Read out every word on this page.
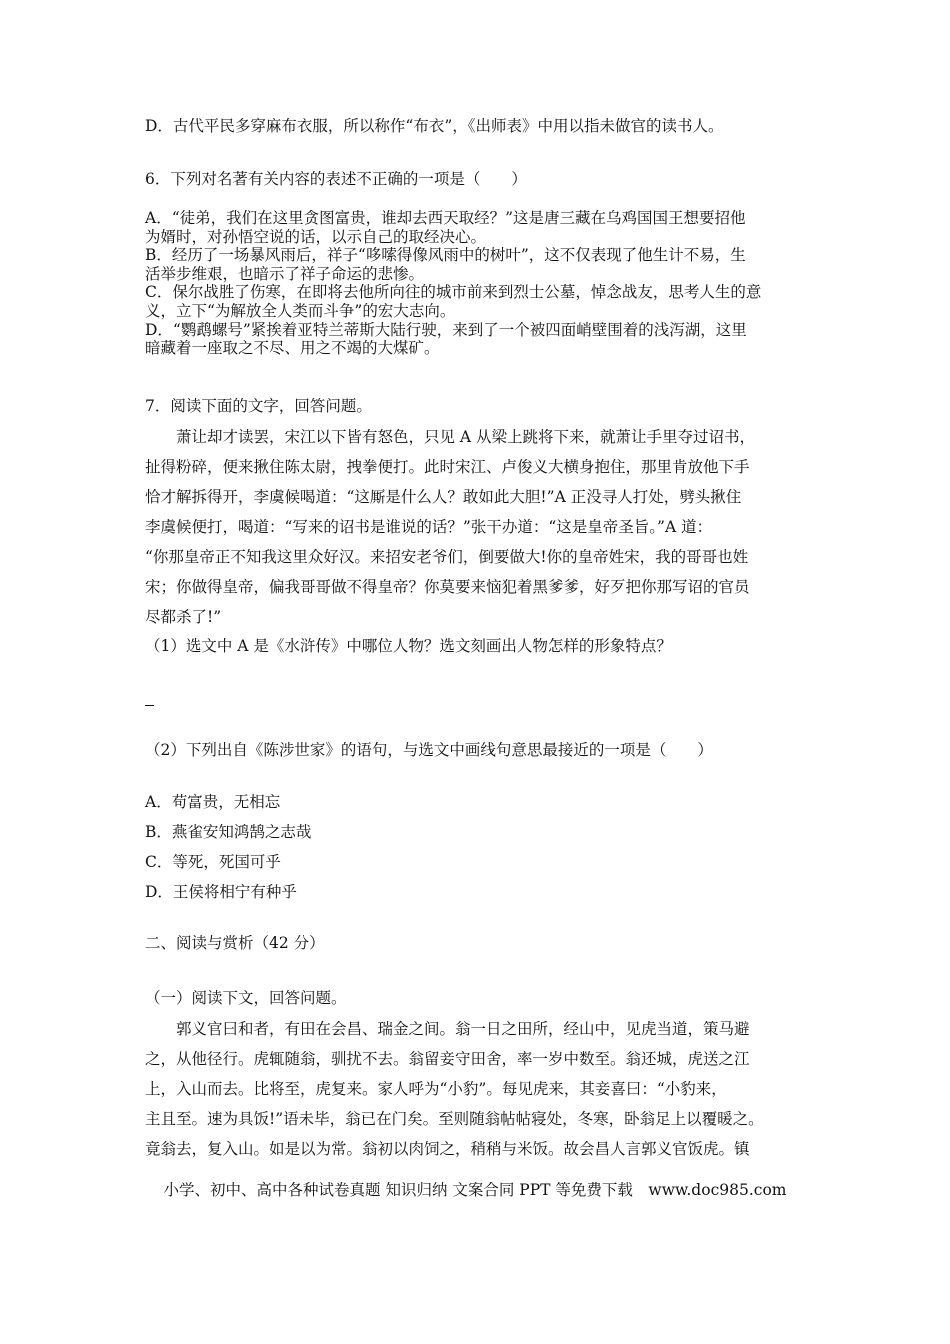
D．古代平民多穿麻布衣服，所以称作“布衣”，《出师表》中用以指未做官的读书人。
6．下列对名著有关内容的表述不正确的一项是（　　）
A．“徒弟，我们在这里贪图富贵，谁却去西天取经？”这是唐三藏在乌鸡国国王想要招他
为婿时，对孙悟空说的话，以示自己的取经决心。
B．经历了一场暴风雨后，祥子“哆嗦得像风雨中的树叶”，这不仅表现了他生计不易，生
活举步维艰，也暗示了祥子命运的悲惨。
C．保尔战胜了伤寒，在即将去他所向往的城市前来到烈士公墓，悼念战友，思考人生的意
义，立下“为解放全人类而斗争”的宏大志向。
D．“鹦鹉螺号”紧挨着亚特兰蒂斯大陆行驶，来到了一个被四面峭壁围着的浅泻湖，这里
暗藏着一座取之不尽、用之不竭的大煤矿。
7．阅读下面的文字，回答问题。
萧让却才读罢，宋江以下皆有怒色，只见 A 从梁上跳将下来，就萧让手里夺过诏书，
扯得粉碎，便来揪住陈太尉，拽拳便打。此时宋江、卢俊义大横身抱住，那里肯放他下手
恰才解拆得开，李虞候喝道：“这厮是什么人？敢如此大胆!”A 正没寻人打处，劈头揪住
李虞候便打，喝道：“写来的诏书是谁说的话？”张干办道：“这是皇帝圣旨。”A 道：
“你那皇帝正不知我这里众好汉。来招安老爷们，倒要做大!你的皇帝姓宋，我的哥哥也姓
宋；你做得皇帝，偏我哥哥做不得皇帝？你莫要来恼犯着黑爹爹，好歹把你那写诏的官员
尽都杀了!”
（1）选文中 A 是《水浒传》中哪位人物？选文刻画出人物怎样的形象特点？
（2）下列出自《陈涉世家》的语句，与选文中画线句意思最接近的一项是（　　）
A．苟富贵，无相忘
B．燕雀安知鸿鹄之志哉
C．等死，死国可乎
D．王侯将相宁有种乎
二、阅读与赏析（42 分）
（一）阅读下文，回答问题。
郭义官曰和者，有田在会昌、瑞金之间。翁一日之田所，经山中，见虎当道，策马避
之，从他径行。虎辄随翁，驯扰不去。翁留妾守田舍，率一岁中数至。翁还城，虎送之江
上，入山而去。比将至，虎复来。家人呼为“小豹”。每见虎来，其妾喜曰：“小豹来，
主且至。速为具饭!”语未毕，翁已在门矣。至则随翁帖帖寝处，冬寒，卧翁足上以覆暖之。
竟翁去，复入山。如是以为常。翁初以肉饲之，稍稍与米饭。故会昌人言郭义官饭虎。镇
小学、初中、高中各种试卷真题 知识归纳 文案合同 PPT 等免费下载　www.doc985.com
